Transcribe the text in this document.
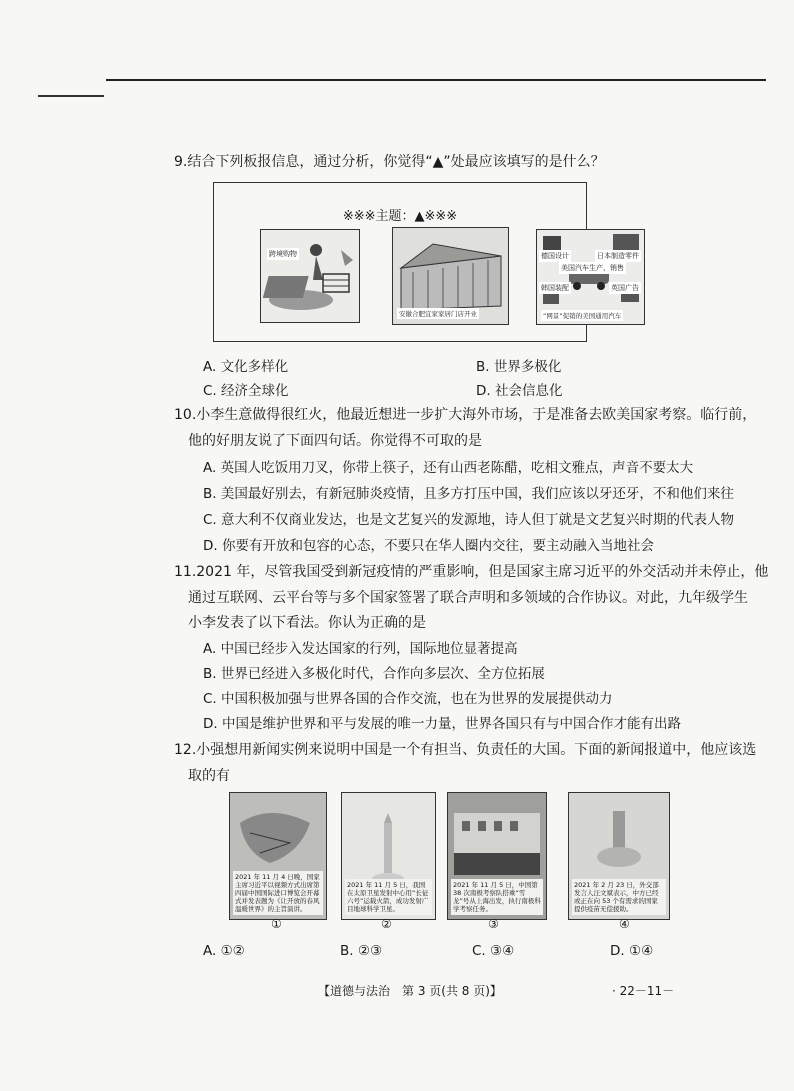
9.结合下列板报信息，通过分析，你觉得“▲”处最应该填写的是什么？
※※※主题：▲※※※
跨境购物
安徽合肥宜家家居门店开业
德国设计	日本制造零件
美国汽车生产、销售
韩国装配	英国广告
“网景”促销的美国通用汽车
A. 文化多样化	B. 世界多极化
C. 经济全球化	D. 社会信息化
10.小李生意做得很红火，他最近想进一步扩大海外市场，于是准备去欧美国家考察。临行前，
他的好朋友说了下面四句话。你觉得不可取的是
A. 英国人吃饭用刀叉，你带上筷子，还有山西老陈醋，吃相文雅点，声音不要太大
B. 美国最好别去，有新冠肺炎疫情，且多方打压中国，我们应该以牙还牙，不和他们来往
C. 意大利不仅商业发达，也是文艺复兴的发源地，诗人但丁就是文艺复兴时期的代表人物
D. 你要有开放和包容的心态，不要只在华人圈内交往，要主动融入当地社会
11.2021 年，尽管我国受到新冠疫情的严重影响，但是国家主席习近平的外交活动并未停止，他
通过互联网、云平台等与多个国家签署了联合声明和多领域的合作协议。对此，九年级学生
小李发表了以下看法。你认为正确的是
A. 中国已经步入发达国家的行列，国际地位显著提高
B. 世界已经进入多极化时代，合作向多层次、全方位拓展
C. 中国积极加强与世界各国的合作交流，也在为世界的发展提供动力
D. 中国是维护世界和平与发展的唯一力量，世界各国只有与中国合作才能有出路
12.小强想用新闻实例来说明中国是一个有担当、负责任的大国。下面的新闻报道中，他应该选
取的有
2021 年 11 月 4 日晚，国家主席习近平以视频方式出席第四届中国国际进口博览会开幕式并发表题为《让开放的春风温暖世界》的主旨演讲。
①
2021 年 11 月 5 日，我国在太原卫星发射中心用“长征六号”运载火箭，成功发射广目地球科学卫星。
②
2021 年 11 月 5 日，中国第 38 次南极考察队搭乘“雪龙”号从上海出发，执行南极科学考察任务。
③
2021 年 2 月 23 日，外交部发言人汪文斌表示，中方已经或正在向 53 个有需求的国家提供疫苗无偿援助。
④
A. ①②	B. ②③	C. ③④	D. ①④
【道德与法治　第 3 页(共 8 页)】	· 22－11－
